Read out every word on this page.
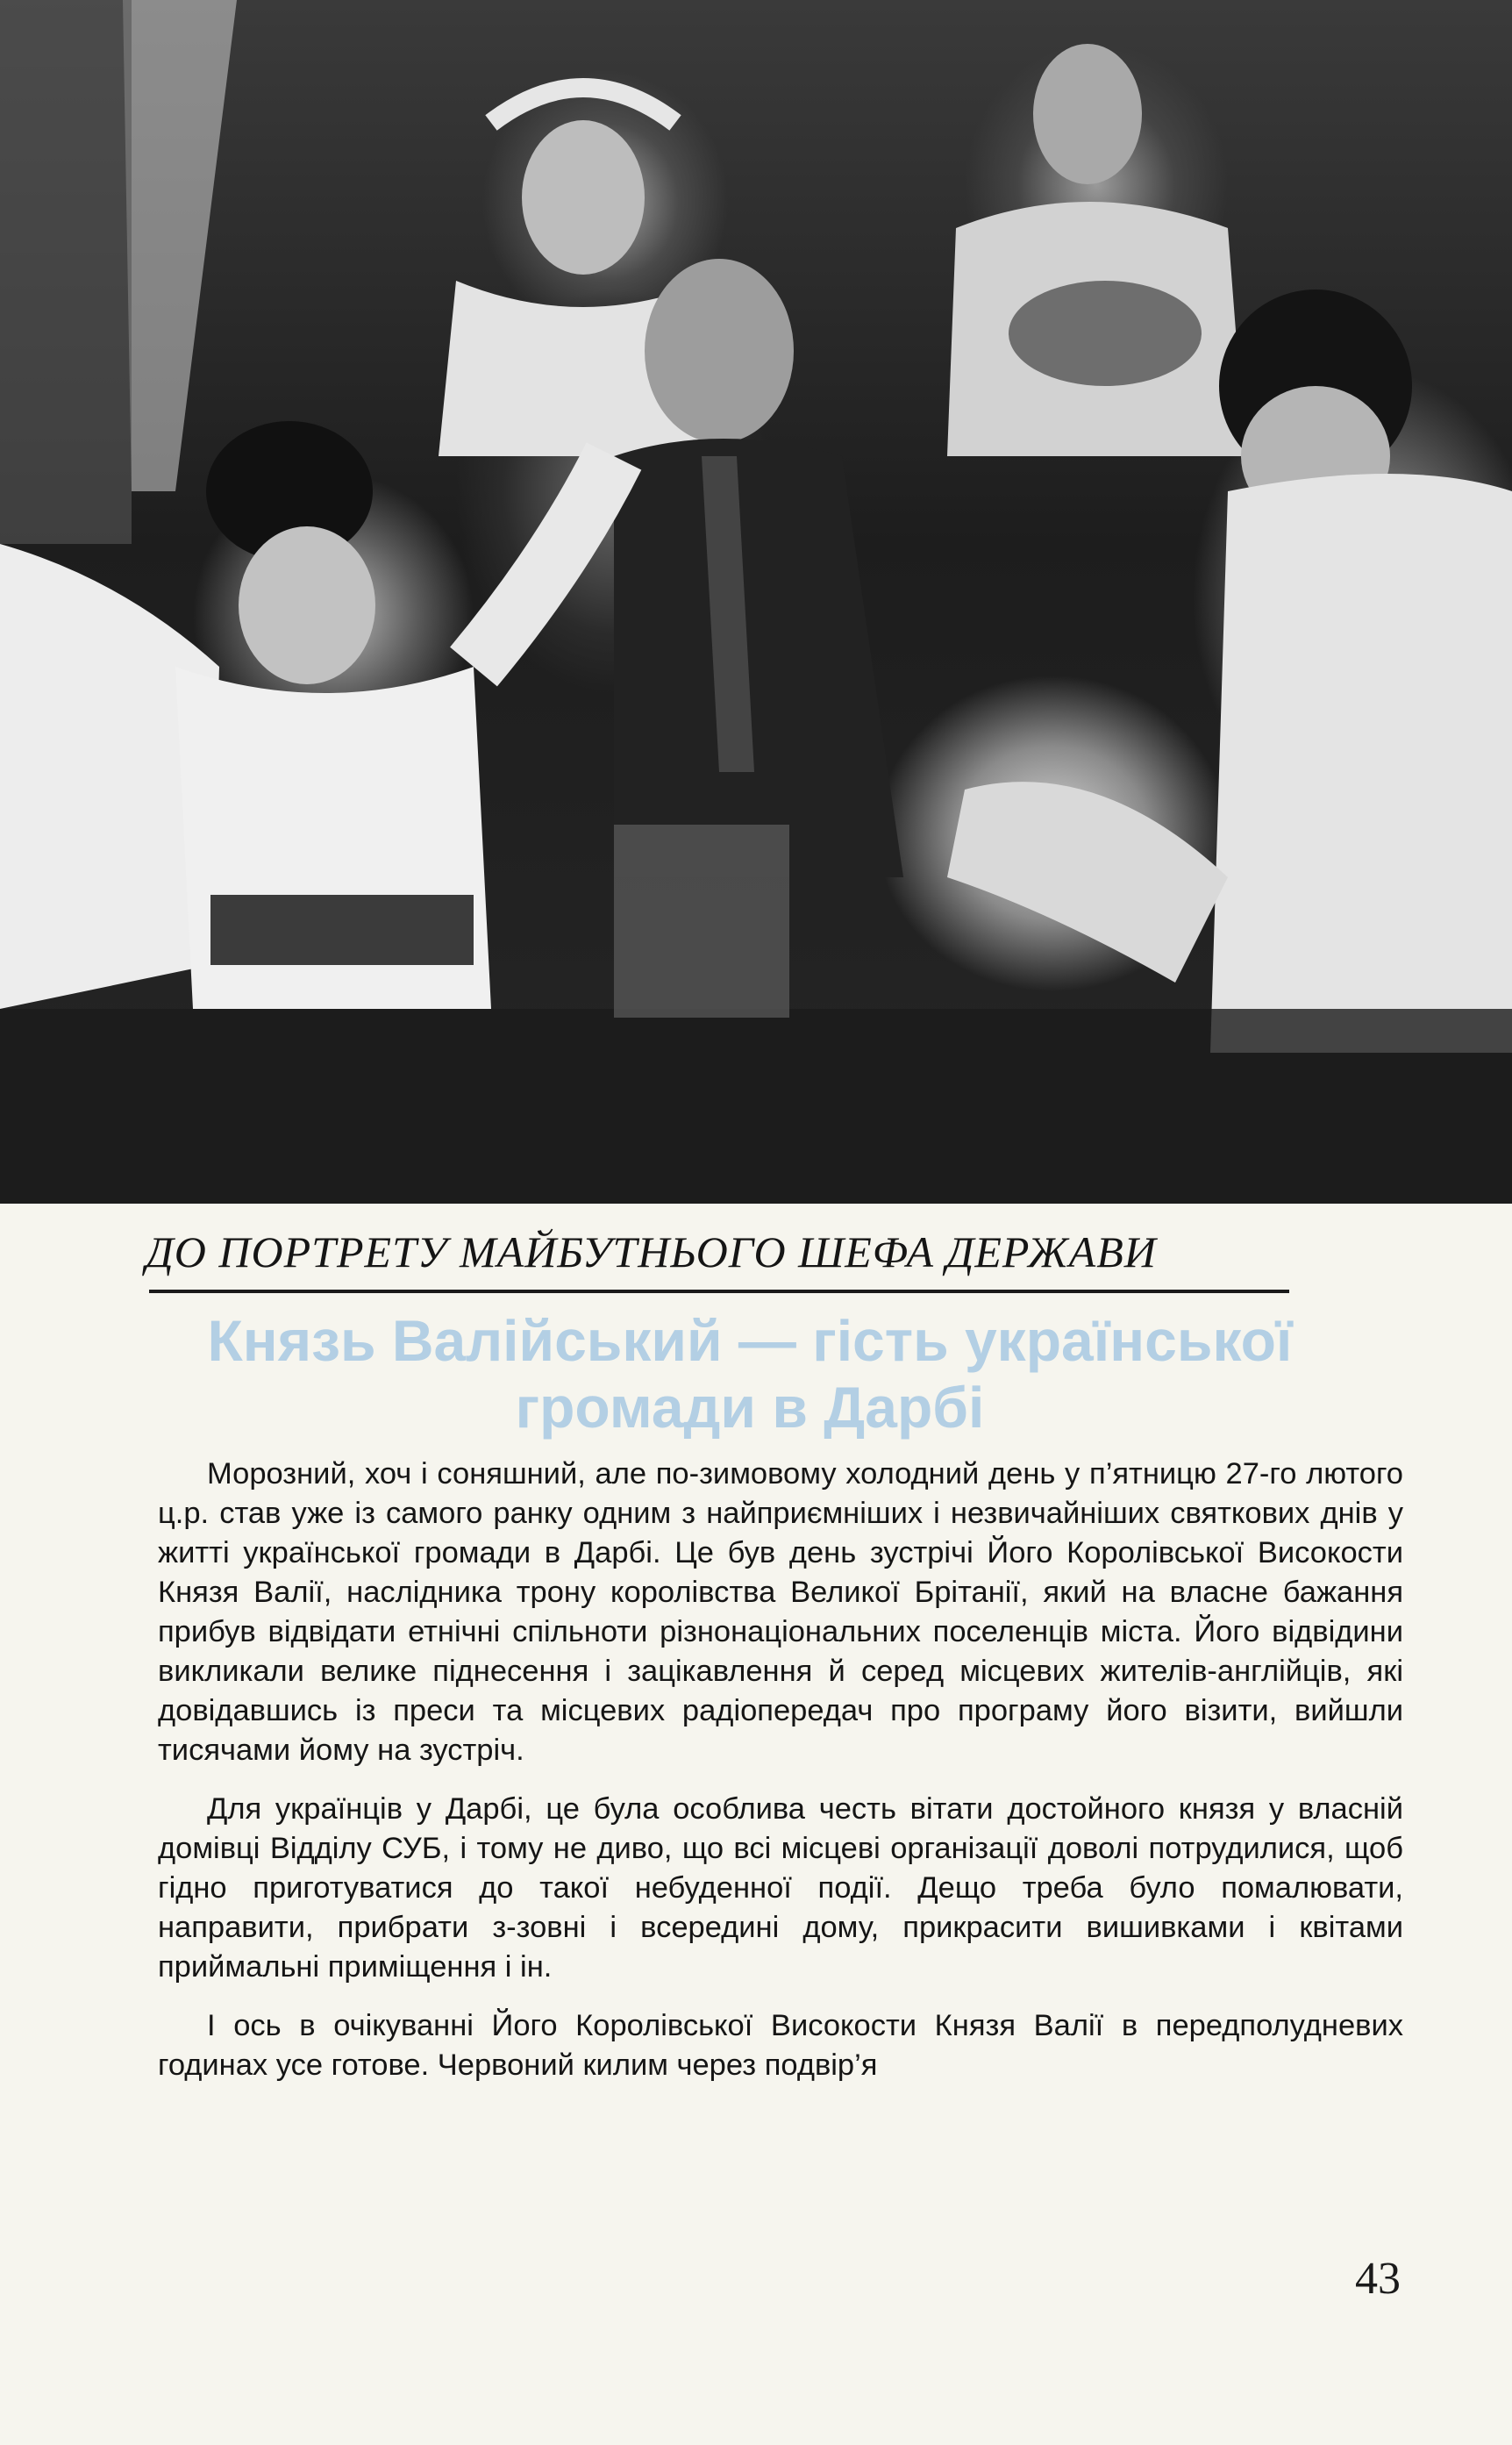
ДО ПОРТРЕТУ МАЙБУТНЬОГО ШЕФА ДЕРЖАВИ
Князь Валійський — гість української
громади в Дарбі

Морозний, хоч і соняшний, але по-зимовому холодний день у п’ятницю 27-го лютого ц.р. став уже із самого ранку одним з найприємніших і незвичайніших святкових днів у житті української громади в Дарбі. Це був день зустрічі Його Королівської Високости Князя Валії, наслідника трону королівства Великої Брітанії, який на власне бажання прибув відвідати етнічні спільноти різнонаціональних поселенців міста. Його відвідини викликали велике піднесення і зацікавлення й серед місцевих жителів-англійців, які довідавшись із преси та місцевих радіопередач про програму його візити, вийшли тисячами йому на зустріч.

Для українців у Дарбі, це була особлива честь вітати достойного князя у власній домівці Відділу СУБ, і тому не диво, що всі місцеві організації доволі потрудилися, щоб гідно приготуватися до такої небуденної події. Дещо треба було помалювати, направити, прибрати з-зовні і всередині дому, прикрасити вишивками і квітами приймальні приміщення і ін.

І ось в очікуванні Його Королівської Високости Князя Валії в передполудневих годинах усе готове. Червоний килим через подвір’я

43
